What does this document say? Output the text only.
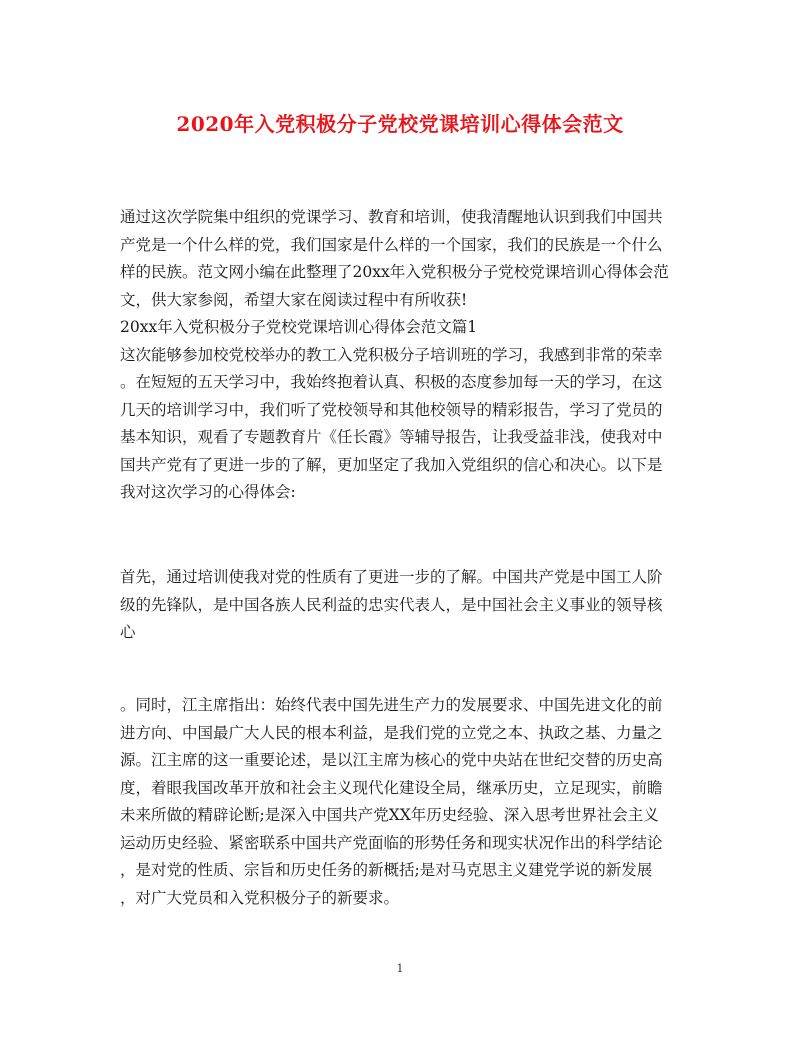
2020年入党积极分子党校党课培训心得体会范文
通过这次学院集中组织的党课学习、教育和培训，使我清醒地认识到我们中国共
产党是一个什么样的党，我们国家是什么样的一个国家，我们的民族是一个什么
样的民族。范文网小编在此整理了20xx年入党积极分子党校党课培训心得体会范
文，供大家参阅，希望大家在阅读过程中有所收获!
20xx年入党积极分子党校党课培训心得体会范文篇1
这次能够参加校党校举办的教工入党积极分子培训班的学习，我感到非常的荣幸
。在短短的五天学习中，我始终抱着认真、积极的态度参加每一天的学习，在这
几天的培训学习中，我们听了党校领导和其他校领导的精彩报告，学习了党员的
基本知识，观看了专题教育片《任长霞》等辅导报告，让我受益非浅，使我对中
国共产党有了更进一步的了解，更加坚定了我加入党组织的信心和决心。以下是
我对这次学习的心得体会:
首先，通过培训使我对党的性质有了更进一步的了解。中国共产党是中国工人阶
级的先锋队，是中国各族人民利益的忠实代表人，是中国社会主义事业的领导核
心
。同时，江主席指出：始终代表中国先进生产力的发展要求、中国先进文化的前
进方向、中国最广大人民的根本利益，是我们党的立党之本、执政之基、力量之
源。江主席的这一重要论述，是以江主席为核心的党中央站在世纪交替的历史高
度，着眼我国改革开放和社会主义现代化建设全局，继承历史，立足现实，前瞻
未来所做的精辟论断;是深入中国共产党XX年历史经验、深入思考世界社会主义
运动历史经验、紧密联系中国共产党面临的形势任务和现实状况作出的科学结论
，是对党的性质、宗旨和历史任务的新概括;是对马克思主义建党学说的新发展
，对广大党员和入党积极分子的新要求。
1
